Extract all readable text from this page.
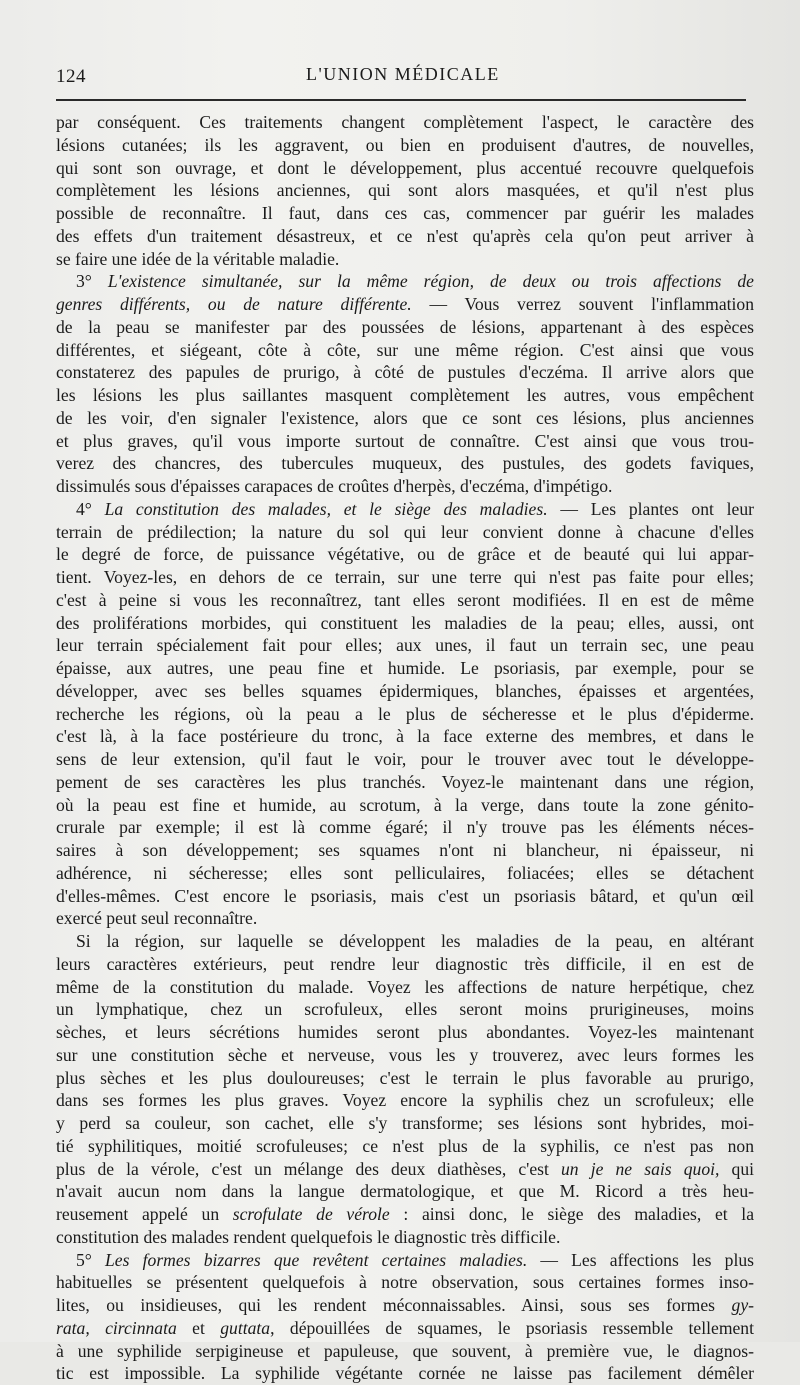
124	L'UNION MÉDICALE
par conséquent. Ces traitements changent complètement l'aspect, le caractère des
lésions cutanées; ils les aggravent, ou bien en produisent d'autres, de nouvelles,
qui sont son ouvrage, et dont le développement, plus accentué recouvre quelquefois
complètement les lésions anciennes, qui sont alors masquées, et qu'il n'est plus
possible de reconnaître. Il faut, dans ces cas, commencer par guérir les malades
des effets d'un traitement désastreux, et ce n'est qu'après cela qu'on peut arriver à
se faire une idée de la véritable maladie.
3° L'existence simultanée, sur la même région, de deux ou trois affections de
genres différents, ou de nature différente. — Vous verrez souvent l'inflammation
de la peau se manifester par des poussées de lésions, appartenant à des espèces
différentes, et siégeant, côte à côte, sur une même région. C'est ainsi que vous
constaterez des papules de prurigo, à côté de pustules d'eczéma. Il arrive alors que
les lésions les plus saillantes masquent complètement les autres, vous empêchent
de les voir, d'en signaler l'existence, alors que ce sont ces lésions, plus anciennes
et plus graves, qu'il vous importe surtout de connaître. C'est ainsi que vous trou-
verez des chancres, des tubercules muqueux, des pustules, des godets faviques,
dissimulés sous d'épaisses carapaces de croûtes d'herpès, d'eczéma, d'impétigo.
4° La constitution des malades, et le siège des maladies. — Les plantes ont leur
terrain de prédilection; la nature du sol qui leur convient donne à chacune d'elles
le degré de force, de puissance végétative, ou de grâce et de beauté qui lui appar-
tient. Voyez-les, en dehors de ce terrain, sur une terre qui n'est pas faite pour elles;
c'est à peine si vous les reconnaîtrez, tant elles seront modifiées. Il en est de même
des proliférations morbides, qui constituent les maladies de la peau; elles, aussi, ont
leur terrain spécialement fait pour elles; aux unes, il faut un terrain sec, une peau
épaisse, aux autres, une peau fine et humide. Le psoriasis, par exemple, pour se
développer, avec ses belles squames épidermiques, blanches, épaisses et argentées,
recherche les régions, où la peau a le plus de sécheresse et le plus d'épiderme.
c'est là, à la face postérieure du tronc, à la face externe des membres, et dans le
sens de leur extension, qu'il faut le voir, pour le trouver avec tout le développe-
pement de ses caractères les plus tranchés. Voyez-le maintenant dans une région,
où la peau est fine et humide, au scrotum, à la verge, dans toute la zone génito-
crurale par exemple; il est là comme égaré; il n'y trouve pas les éléments néces-
saires à son développement; ses squames n'ont ni blancheur, ni épaisseur, ni
adhérence, ni sécheresse; elles sont pelliculaires, foliacées; elles se détachent
d'elles-mêmes. C'est encore le psoriasis, mais c'est un psoriasis bâtard, et qu'un œil
exercé peut seul reconnaître.
Si la région, sur laquelle se développent les maladies de la peau, en altérant
leurs caractères extérieurs, peut rendre leur diagnostic très difficile, il en est de
même de la constitution du malade. Voyez les affections de nature herpétique, chez
un lymphatique, chez un scrofuleux, elles seront moins prurigineuses, moins
sèches, et leurs sécrétions humides seront plus abondantes. Voyez-les maintenant
sur une constitution sèche et nerveuse, vous les y trouverez, avec leurs formes les
plus sèches et les plus douloureuses; c'est le terrain le plus favorable au prurigo,
dans ses formes les plus graves. Voyez encore la syphilis chez un scrofuleux; elle
y perd sa couleur, son cachet, elle s'y transforme; ses lésions sont hybrides, moi-
tié syphilitiques, moitié scrofuleuses; ce n'est plus de la syphilis, ce n'est pas non
plus de la vérole, c'est un mélange des deux diathèses, c'est un je ne sais quoi, qui
n'avait aucun nom dans la langue dermatologique, et que M. Ricord a très heu-
reusement appelé un scrofulate de vérole : ainsi donc, le siège des maladies, et la
constitution des malades rendent quelquefois le diagnostic très difficile.
5° Les formes bizarres que revêtent certaines maladies. — Les affections les plus
habituelles se présentent quelquefois à notre observation, sous certaines formes inso-
lites, ou insidieuses, qui les rendent méconnaissables. Ainsi, sous ses formes gy-
rata, circinnata et guttata, dépouillées de squames, le psoriasis ressemble tellement
à une syphilide serpigineuse et papuleuse, que souvent, à première vue, le diagnos-
tic est impossible. La syphilide végétante cornée ne laisse pas facilement démêler
